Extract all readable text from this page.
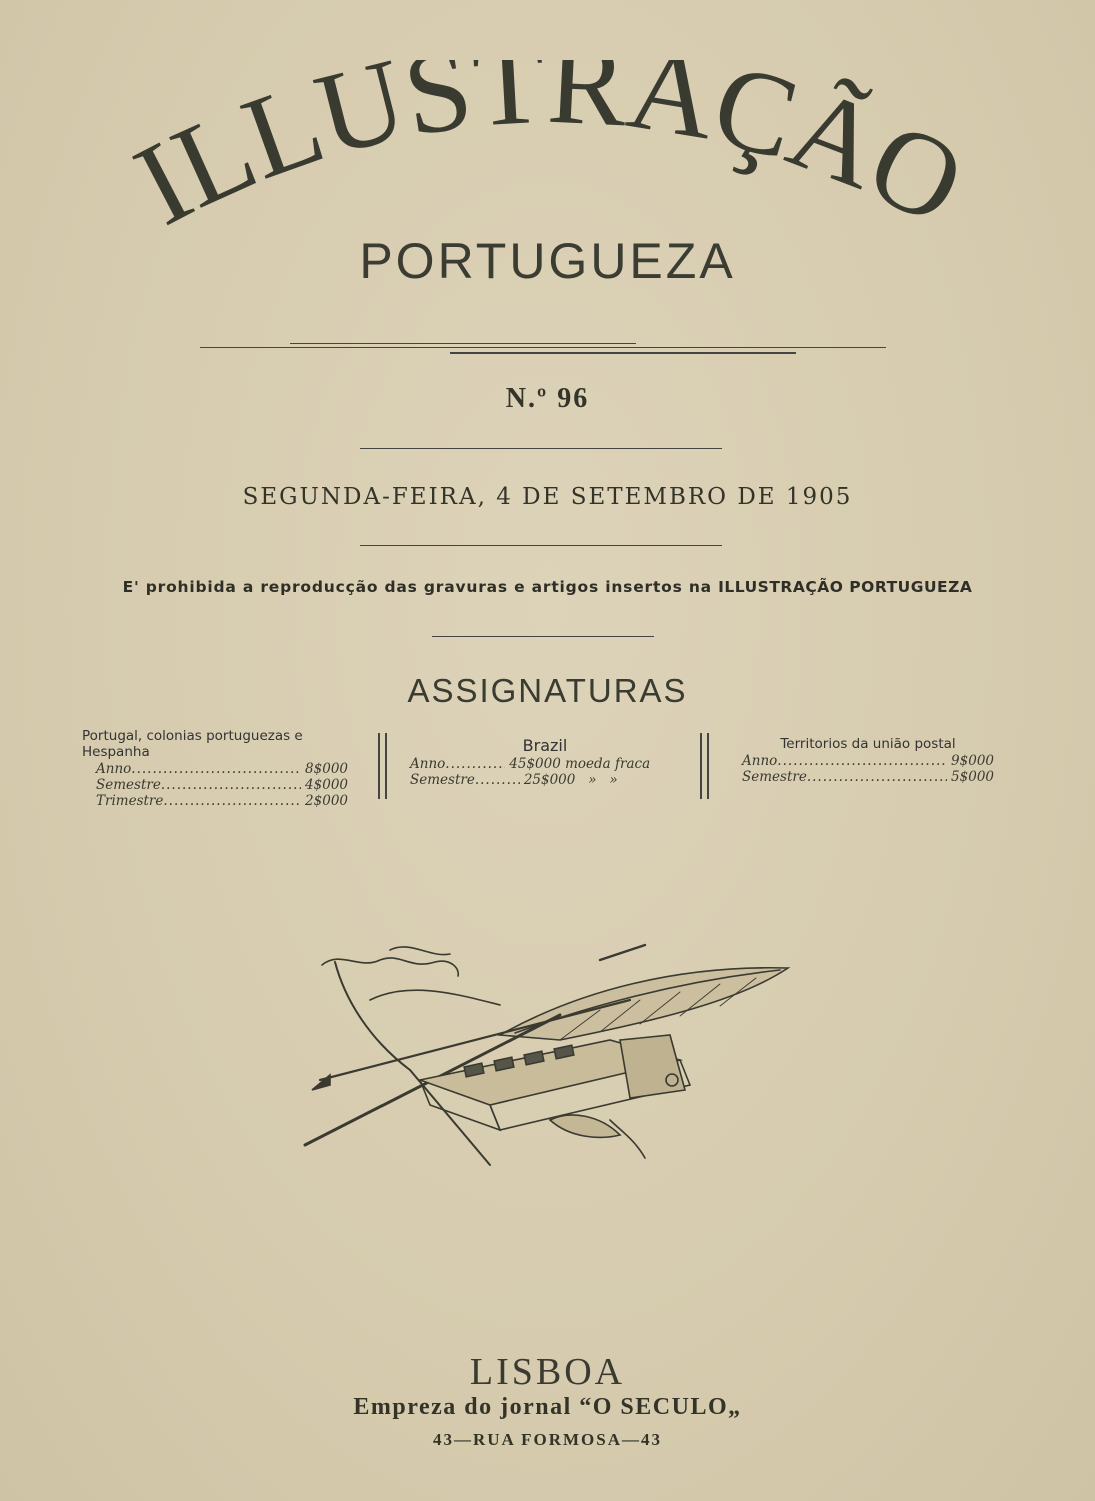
ILLUSTRAÇÃO
PORTUGUEZA
N.º 96
SEGUNDA-FEIRA, 4 DE SETEMBRO DE 1905
E' prohibida a reproducção das gravuras e artigos insertos na ILLUSTRAÇÃO PORTUGUEZA
ASSIGNATURAS
Portugal, colonias portuguezas e Hespanha
Anno .....	8$000
Semestre .....	4$000
Trimestre .....	2$000
Brazil
Anno .....	45$000 moeda fraca
Semestre .....	25$000   »   »
Territorios da união postal
Anno .....	9$000
Semestre .....	5$000
LISBOA
Empreza do jornal “O SECULO„
43—RUA FORMOSA—43
